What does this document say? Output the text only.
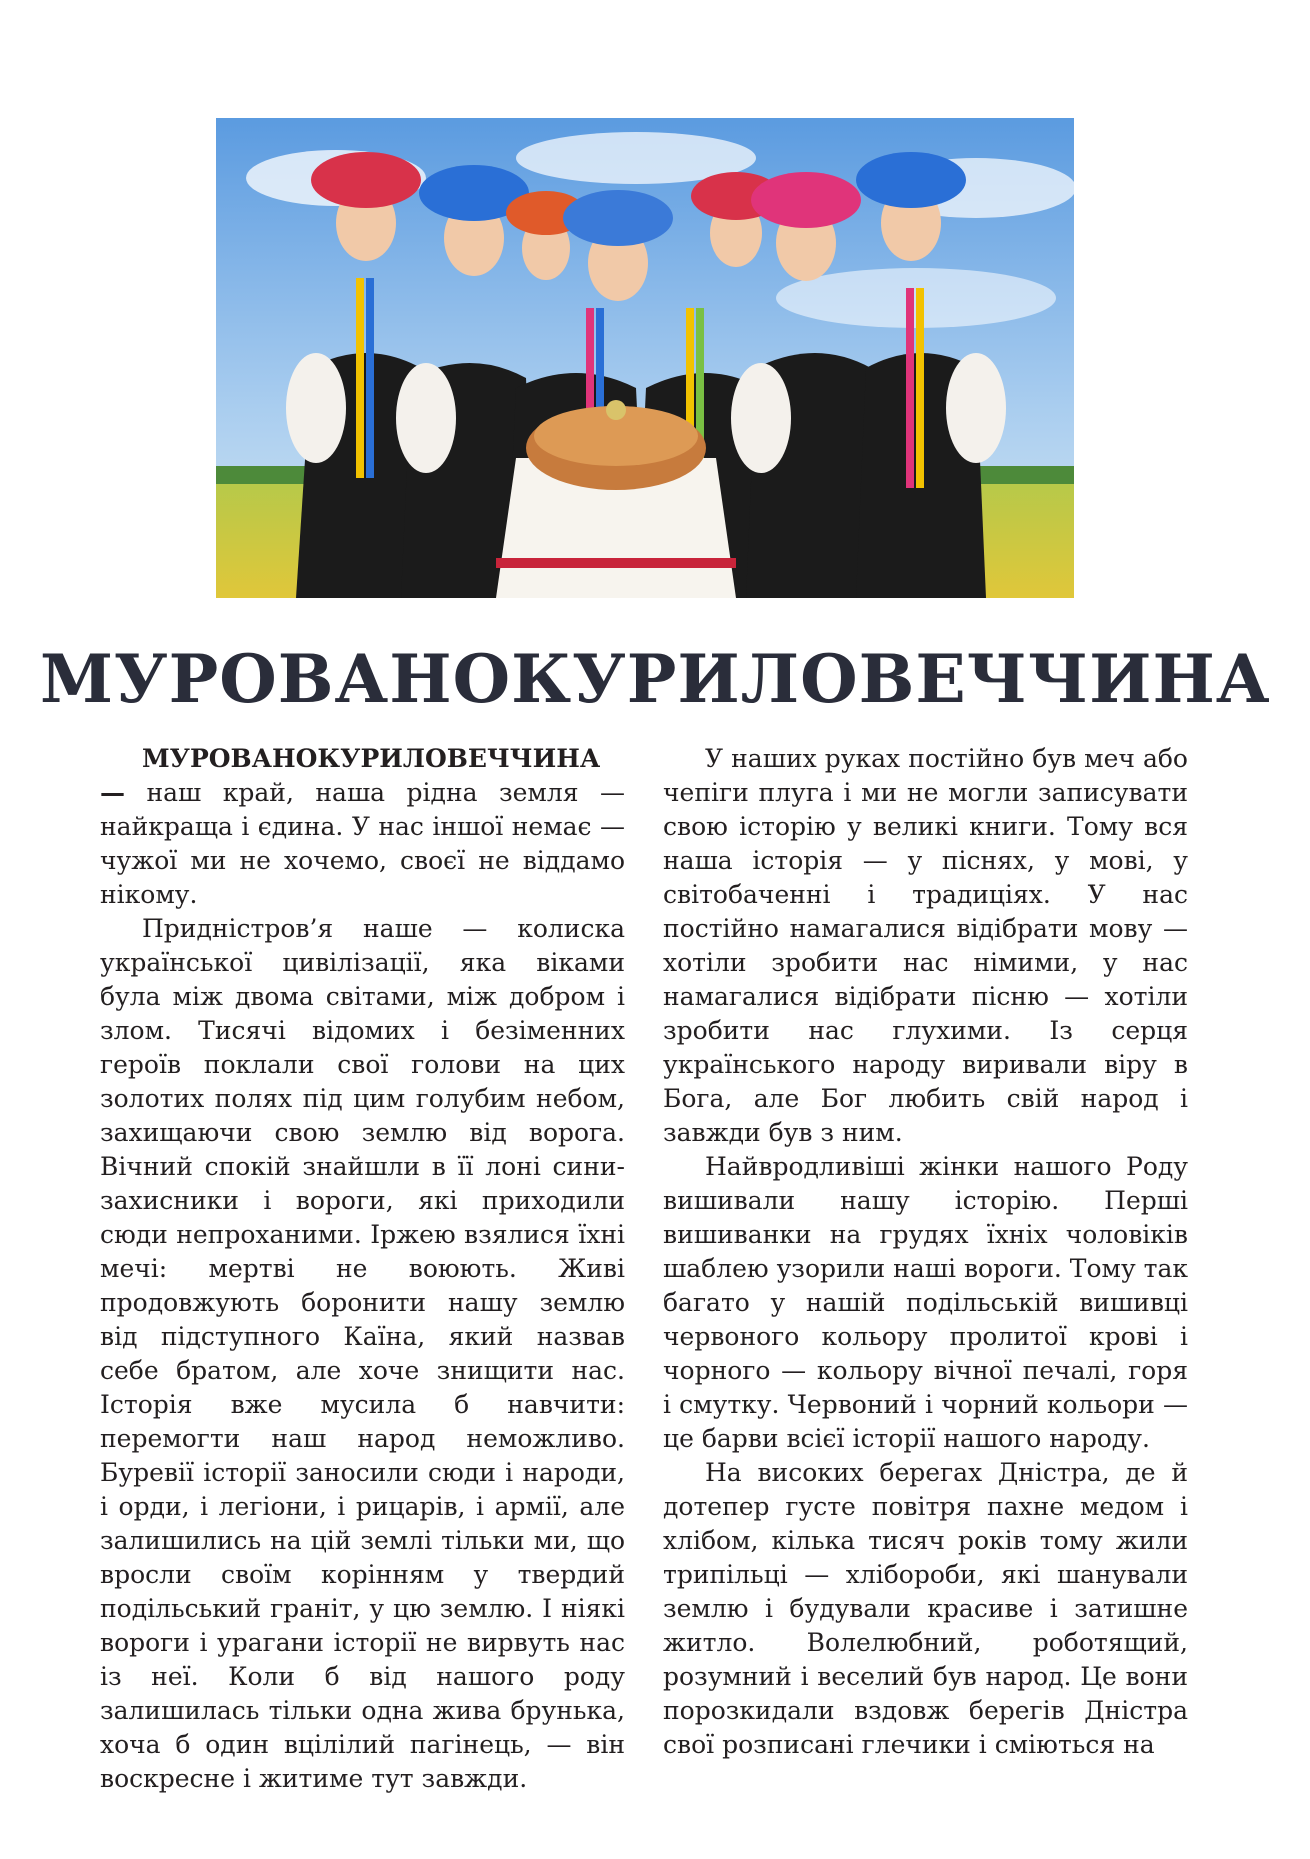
МУРОВАНОКУРИЛОВЕЧЧИНА

МУРОВАНОКУРИЛОВЕЧЧИНА — наш край, наша рідна земля — найкраща і єдина. У нас іншої немає — чужої ми не хочемо, своєї не віддамо нікому.

Придністров’я наше — колиска української цивілізації, яка віками була між двома світами, між добром і злом. Тисячі відомих і безіменних героїв поклали свої голови на цих золотих полях під цим голубим небом, захищаючи свою землю від ворога. Вічний спокій знайшли в її лоні сини-захисники і вороги, які приходили сюди непроханими. Іржею взялися їхні мечі: мертві не воюють. Живі продовжують боронити нашу землю від підступного Каїна, який назвав себе братом, але хоче знищити нас. Історія вже мусила б навчити: перемогти наш народ неможливо. Буревії історії заносили сюди і народи, і орди, і легіони, і рицарів, і армії, але залишились на цій землі тільки ми, що вросли своїм корінням у твердий подільський граніт, у цю землю. І ніякі вороги і урагани історії не вирвуть нас із неї. Коли б від нашого роду залишилась тільки одна жива брунька, хоча б один вцілілий пагінець, — він воскресне і житиме тут завжди.

У наших руках постійно був меч або чепіги плуга і ми не могли записувати свою історію у великі книги. Тому вся наша історія — у піснях, у мові, у світобаченні і традиціях. У нас постійно намагалися відібрати мову — хотіли зробити нас німими, у нас намагалися відібрати пісню — хотіли зробити нас глухими. Із серця українського народу виривали віру в Бога, але Бог любить свій народ і завжди був з ним.

Найвродливіші жінки нашого Роду вишивали нашу історію. Перші вишиванки на грудях їхніх чоловіків шаблею узорили наші вороги. Тому так багато у нашій подільській вишивці червоного кольору пролитої крові і чорного — кольору вічної печалі, горя і смутку. Червоний і чорний кольори — це барви всієї історії нашого народу.

На високих берегах Дністра, де й дотепер густе повітря пахне медом і хлібом, кілька тисяч років тому жили трипільці — хлібороби, які шанували землю і будували красиве і затишне житло. Волелюбний, роботящий, розумний і веселий був народ. Це вони порозкидали вздовж берегів Дністра свої розписані глечики і сміються на
